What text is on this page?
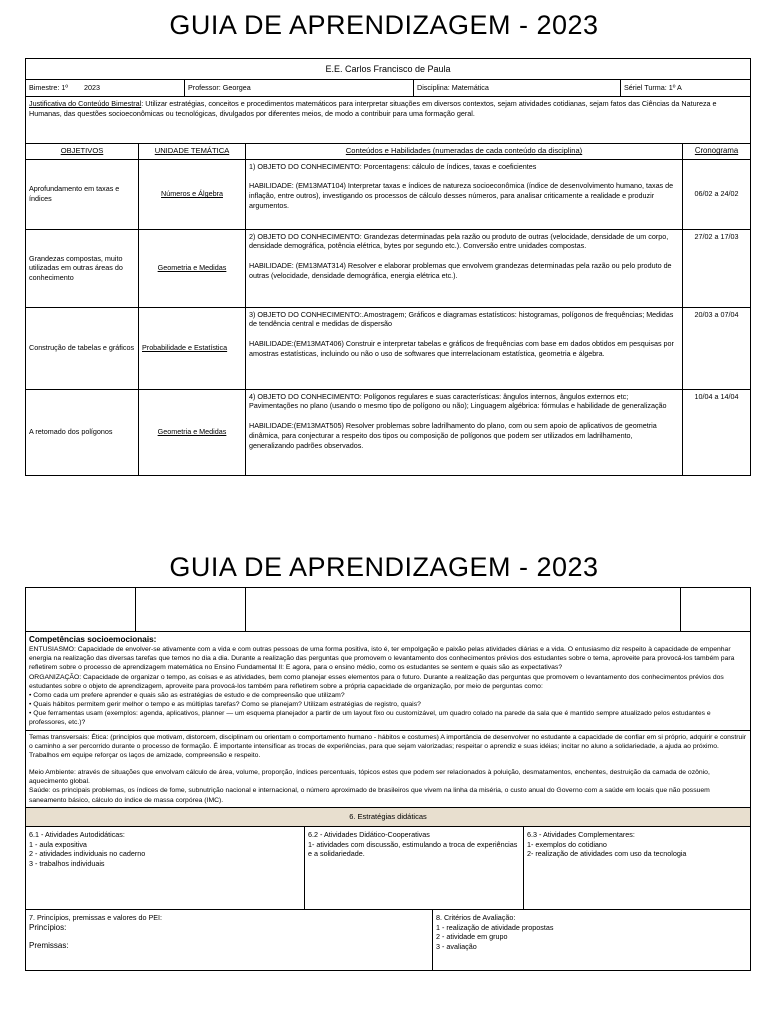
GUIA DE APRENDIZAGEM - 2023
E.E. Carlos Francisco de Paula			

Bimestre: 1º 2023 Professor: Georgea Disciplina: Matemática Sériel Turma: 1º A			

Justificativa do Conteúdo Bimestral: Utilizar estratégias, conceitos e procedimentos matemáticos para interpretar situações em diversos contextos, sejam atividades cotidianas, sejam fatos das Ciências da Natureza e Humanas, das questões socioeconômicas ou tecnológicas, divulgados por diferentes meios, de modo a contribuir para uma formação geral.			
OBJETIVOS	UNIDADE TEMÁTICA	Conteúdos e Habilidades (numeradas de cada conteúdo da disciplina)	Cronograma
Aprofundamento em taxas e índices	Números e Álgebra	1) OBJETO DO CONHECIMENTO: Porcentagens: cálculo de índices, taxas e coeficientes

HABILIDADE: (EM13MAT104) Interpretar taxas e índices de natureza socioeconômica (índice de desenvolvimento humano, taxas de inflação, entre outros), investigando os processos de cálculo desses números, para analisar criticamente a realidade e produzir argumentos.	06/02 a 24/02
Grandezas compostas, muito utilizadas em outras áreas do conhecimento	Geometria e Medidas	2) OBJETO DO CONHECIMENTO: Grandezas determinadas pela razão ou produto de outras (velocidade, densidade de um corpo, densidade demográfica, potência elétrica, bytes por segundo etc.). Conversão entre unidades compostas.

HABILIDADE: (EM13MAT314) Resolver e elaborar problemas que envolvem grandezas determinadas pela razão ou pelo produto de outras (velocidade, densidade demográfica, energia elétrica etc.).	27/02 a 17/03
Construção de tabelas e gráficos	Probabilidade e Estatística	3) OBJETO DO CONHECIMENTO:.Amostragem; Gráficos e diagramas estatísticos: histogramas, polígonos de frequências; Medidas de tendência central e medidas de dispersão

HABILIDADE:(EM13MAT406) Construir e interpretar tabelas e gráficos de frequências com base em dados obtidos em pesquisas por amostras estatísticas, incluindo ou não o uso de softwares que interrelacionam estatística, geometria e álgebra.	20/03 a 07/04
A retomado dos polígonos	Geometria e Medidas	4) OBJETO DO CONHECIMENTO: Polígonos regulares e suas características: ângulos internos, ângulos externos etc; Pavimentações no plano (usando o mesmo tipo de polígono ou não); Linguagem algébrica: fórmulas e habilidade de generalização

HABILIDADE:(EM13MAT505) Resolver problemas sobre ladrilhamento do plano, com ou sem apoio de aplicativos de geometria dinâmica, para conjecturar a respeito dos tipos ou composição de polígonos que podem ser utilizados em ladrilhamento, generalizando padrões observados.	10/04 a 14/04
GUIA DE APRENDIZAGEM - 2023

Competências socioemocionais:

ENTUSIASMO: Capacidade de envolver-se ativamente com a vida e com outras pessoas de uma forma positiva, isto é, ter empolgação e paixão pelas atividades diárias e a vida. O entusiasmo diz respeito à capacidade de empenhar energia na realização das diversas tarefas que temos no dia a dia. Durante a realização das perguntas que promovem o levantamento dos conhecimentos prévios dos estudantes sobre o tema, aproveite para provocá-los também para refletirem sobre o processo de aprendizagem matemática no Ensino Fundamental II: E agora, para o ensino médio, como os estudantes se sentem e quais são as expectativas?

ORGANIZAÇÃO: Capacidade de organizar o tempo, as coisas e as atividades, bem como planejar esses elementos para o futuro. Durante a realização das perguntas que promovem o levantamento dos conhecimentos prévios dos estudantes sobre o objeto de aprendizagem, aproveite para provocá-los também para refletirem sobre a própria capacidade de organização, por meio de perguntas como:

• Como cada um prefere aprender e quais são as estratégias de estudo e de compreensão que utilizam?

• Quais hábitos permitem gerir melhor o tempo e as múltiplas tarefas? Como se planejam? Utilizam estratégias de registro, quais?

• Que ferramentas usam (exemplos: agenda, aplicativos, planner — um esquema planejador a partir de um layout fixo ou customizável, um quadro colado na parede da sala que é mantido sempre atualizado pelos estudantes e professores, etc.)?

Temas transversais: Ética: (princípios que motivam, distorcem, disciplinam ou orientam o comportamento humano - hábitos e costumes) A importância de desenvolver no estudante a capacidade de confiar em si próprio, adquirir e construir o caminho a ser percorrido durante o processo de formação. É importante intensificar as trocas de experiências, para que sejam valorizadas; respeitar o aprendiz e suas idéias; incitar no aluno a solidariedade, a ajuda ao próximo. Trabalhos em equipe reforçar os laços de amizade, compreensão e respeito.

Meio Ambiente: através de situações que envolvam cálculo de área, volume, proporção, índices percentuais, tópicos estes que podem ser relacionados à poluição, desmatamentos, enchentes, destruição da camada de ozônio, aquecimento global.

Saúde: os principais problemas, os índices de fome, subnutrição nacional e internacional, o número aproximado de brasileiros que vivem na linha da miséria, o custo anual do Governo com a saúde em locais que não possuem saneamento básico, cálculo do índice de massa corpórea (IMC).

6. Estratégias didáticas

6.1 - Atividades Autodidáticas:
1 - aula expositiva
2 - atividades individuais no caderno
3 - trabalhos individuais
6.2 - Atividades Didático-Cooperativas
1- atividades com discussão, estimulando a troca de experiências e a solidariedade.
6.3 - Atividades Complementares:
1- exemplos do cotidiano
2- realização de atividades com uso da tecnologia

7. Princípios, premissas e valores do PEI:
Princípios:
Premissas:
8. Critérios de Avaliação:
1 - realização de atividade propostas
2 - atividade em grupo
3 - avaliação
